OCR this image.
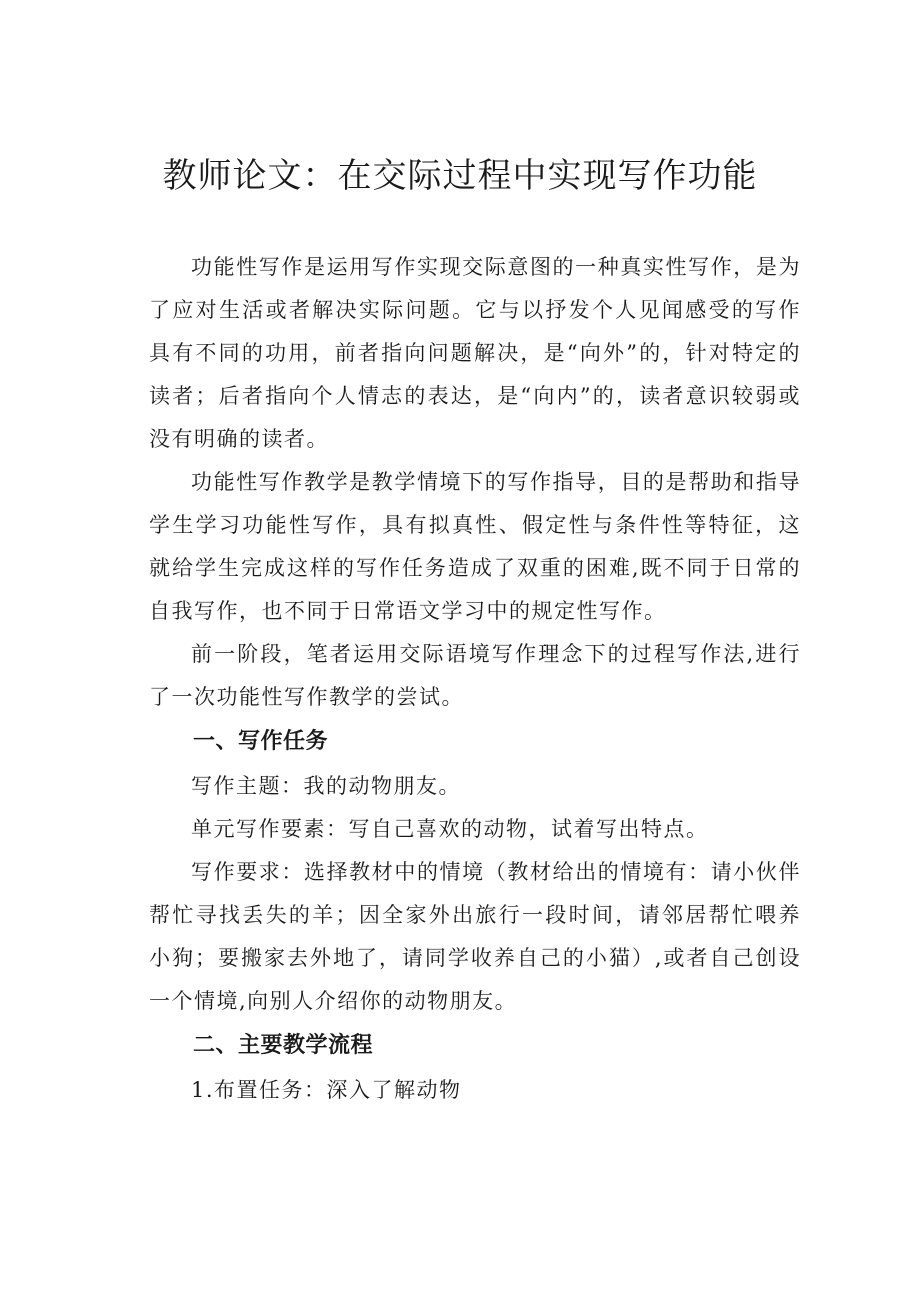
教师论文：在交际过程中实现写作功能

功能性写作是运用写作实现交际意图的一种真实性写作，是为了应对生活或者解决实际问题。它与以抒发个人见闻感受的写作具有不同的功用，前者指向问题解决，是“向外”的，针对特定的读者；后者指向个人情志的表达，是“向内”的，读者意识较弱或没有明确的读者。

功能性写作教学是教学情境下的写作指导，目的是帮助和指导学生学习功能性写作，具有拟真性、假定性与条件性等特征，这就给学生完成这样的写作任务造成了双重的困难,既不同于日常的自我写作，也不同于日常语文学习中的规定性写作。

前一阶段，笔者运用交际语境写作理念下的过程写作法,进行了一次功能性写作教学的尝试。

一、写作任务

写作主题：我的动物朋友。

单元写作要素：写自己喜欢的动物，试着写出特点。

写作要求：选择教材中的情境（教材给出的情境有：请小伙伴帮忙寻找丢失的羊；因全家外出旅行一段时间，请邻居帮忙喂养小狗；要搬家去外地了，请同学收养自己的小猫）,或者自己创设一个情境,向别人介绍你的动物朋友。

二、主要教学流程

1.布置任务：深入了解动物
